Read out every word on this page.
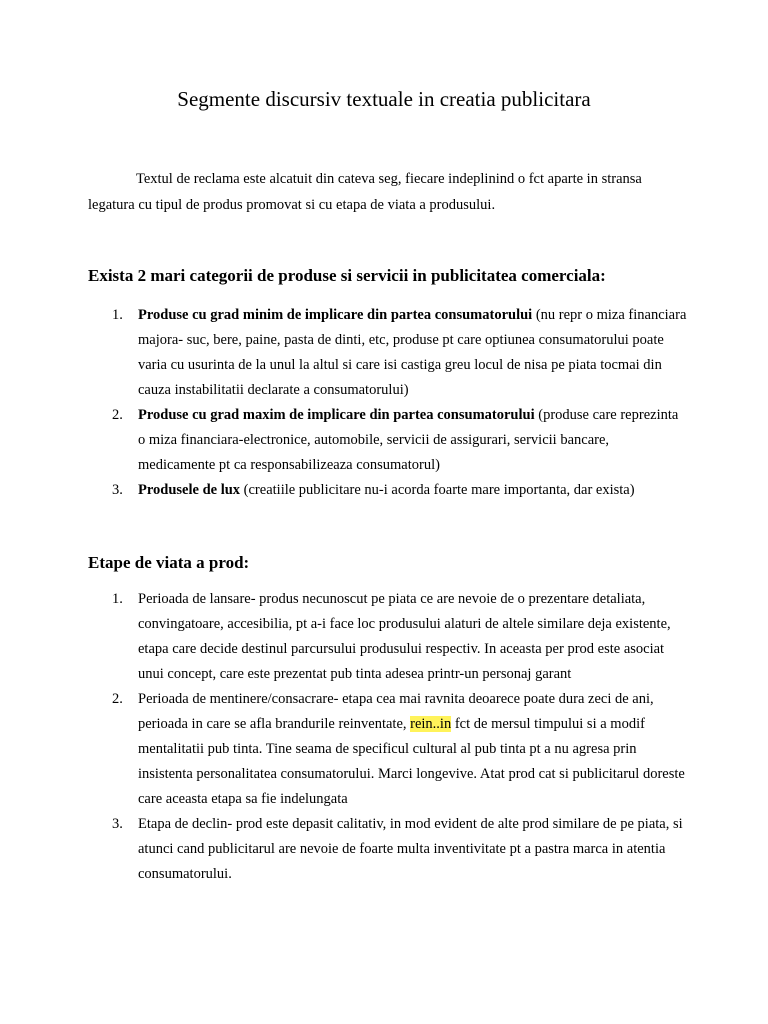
Segmente discursiv textuale in creatia publicitara

Textul de reclama este alcatuit din cateva seg, fiecare indeplinind o fct aparte in stransa legatura cu tipul de produs promovat si cu etapa de viata a produsului.

Exista 2 mari categorii de produse si servicii in publicitatea comerciala:
1. Produse cu grad minim de implicare din partea consumatorului (nu repr o miza financiara majora- suc, bere, paine, pasta de dinti, etc, produse pt care optiunea consumatorului poate varia cu usurinta de la unul la altul si care isi castiga greu locul de nisa pe piata tocmai din cauza instabilitatii declarate a consumatorului)
2. Produse cu grad maxim de implicare din partea consumatorului (produse care reprezinta o miza financiara-electronice, automobile, servicii de assigurari, servicii bancare, medicamente pt ca responsabilizeaza consumatorul)
3. Produsele de lux (creatiile publicitare nu-i acorda foarte mare importanta, dar exista)
Etape de viata a prod:
1. Perioada de lansare- produs necunoscut pe piata ce are nevoie de o prezentare detaliata, convingatoare, accesibilia, pt a-i face loc produsului alaturi de altele similare deja existente, etapa care decide destinul parcursului produsului respectiv. In aceasta per prod este asociat unui concept, care este prezentat pub tinta adesea printr-un personaj garant
2. Perioada de mentinere/consacrare- etapa cea mai ravnita deoarece poate dura zeci de ani, perioada in care se afla brandurile reinventate, rein..in fct de mersul timpului si a modif mentalitatii pub tinta. Tine seama de specificul cultural al pub tinta pt a nu agresa prin insistenta personalitatea consumatorului. Marci longevive. Atat prod cat si publicitarul doreste care aceasta etapa sa fie indelungata
3. Etapa de declin- prod este depasit calitativ, in mod evident de alte prod similare de pe piata, si atunci cand publicitarul are nevoie de foarte multa inventivitate pt a pastra marca in atentia consumatorului.
